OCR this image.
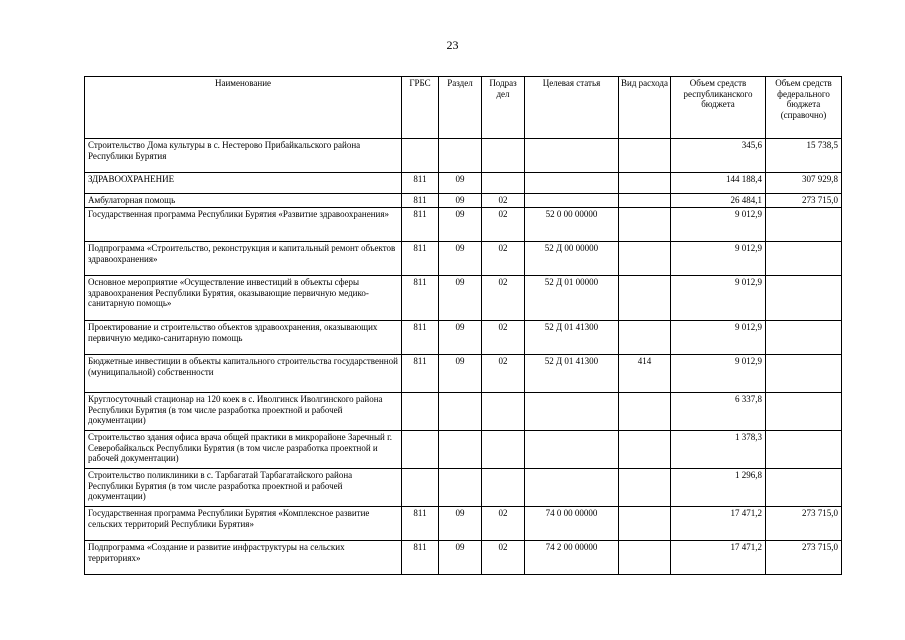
23
Наименование	ГРБС	Раздел	Подраз дел	Целевая статья	Вид расхода	Объем средств республиканского бюджета	Объем средств федерального бюджета (справочно)
Строительство Дома культуры в с. Нестерово Прибайкальского района Республики Бурятия						345,6	15 738,5
ЗДРАВООХРАНЕНИЕ	811	09				144 188,4	307 929,8
Амбулаторная помощь	811	09	02			26 484,1	273 715,0
Государственная программа Республики Бурятия «Развитие здравоохранения»	811	09	02	52 0 00 00000		9 012,9	
Подпрограмма «Строительство, реконструкция и капитальный ремонт объектов здравоохранения»	811	09	02	52 Д 00 00000		9 012,9	
Основное мероприятие «Осуществление инвестиций в объекты сферы здравоохранения Республики Бурятия, оказывающие первичную медико-санитарную помощь»	811	09	02	52 Д 01 00000		9 012,9	
Проектирование и строительство объектов здравоохранения, оказывающих первичную медико-санитарную помощь	811	09	02	52 Д 01 41300		9 012,9	
Бюджетные инвестиции в объекты капитального строительства государственной (муниципальной) собственности	811	09	02	52 Д 01 41300	414	9 012,9	
Круглосуточный стационар на 120 коек в с. Иволгинск Иволгинского района Республики Бурятия (в том числе разработка проектной и рабочей документации)						6 337,8	
Строительство здания офиса врача общей практики в микрорайоне Заречный г. Северобайкальск Республики Бурятия (в том числе разработка проектной и рабочей документации)						1 378,3	
Строительство поликлиники в с. Тарбагатай Тарбагатайского района Республики Бурятия (в том числе разработка проектной и рабочей документации)						1 296,8	
Государственная программа Республики Бурятия «Комплексное развитие сельских территорий Республики Бурятия»	811	09	02	74 0 00 00000		17 471,2	273 715,0
Подпрограмма «Создание и развитие инфраструктуры на сельских территориях»	811	09	02	74 2 00 00000		17 471,2	273 715,0
